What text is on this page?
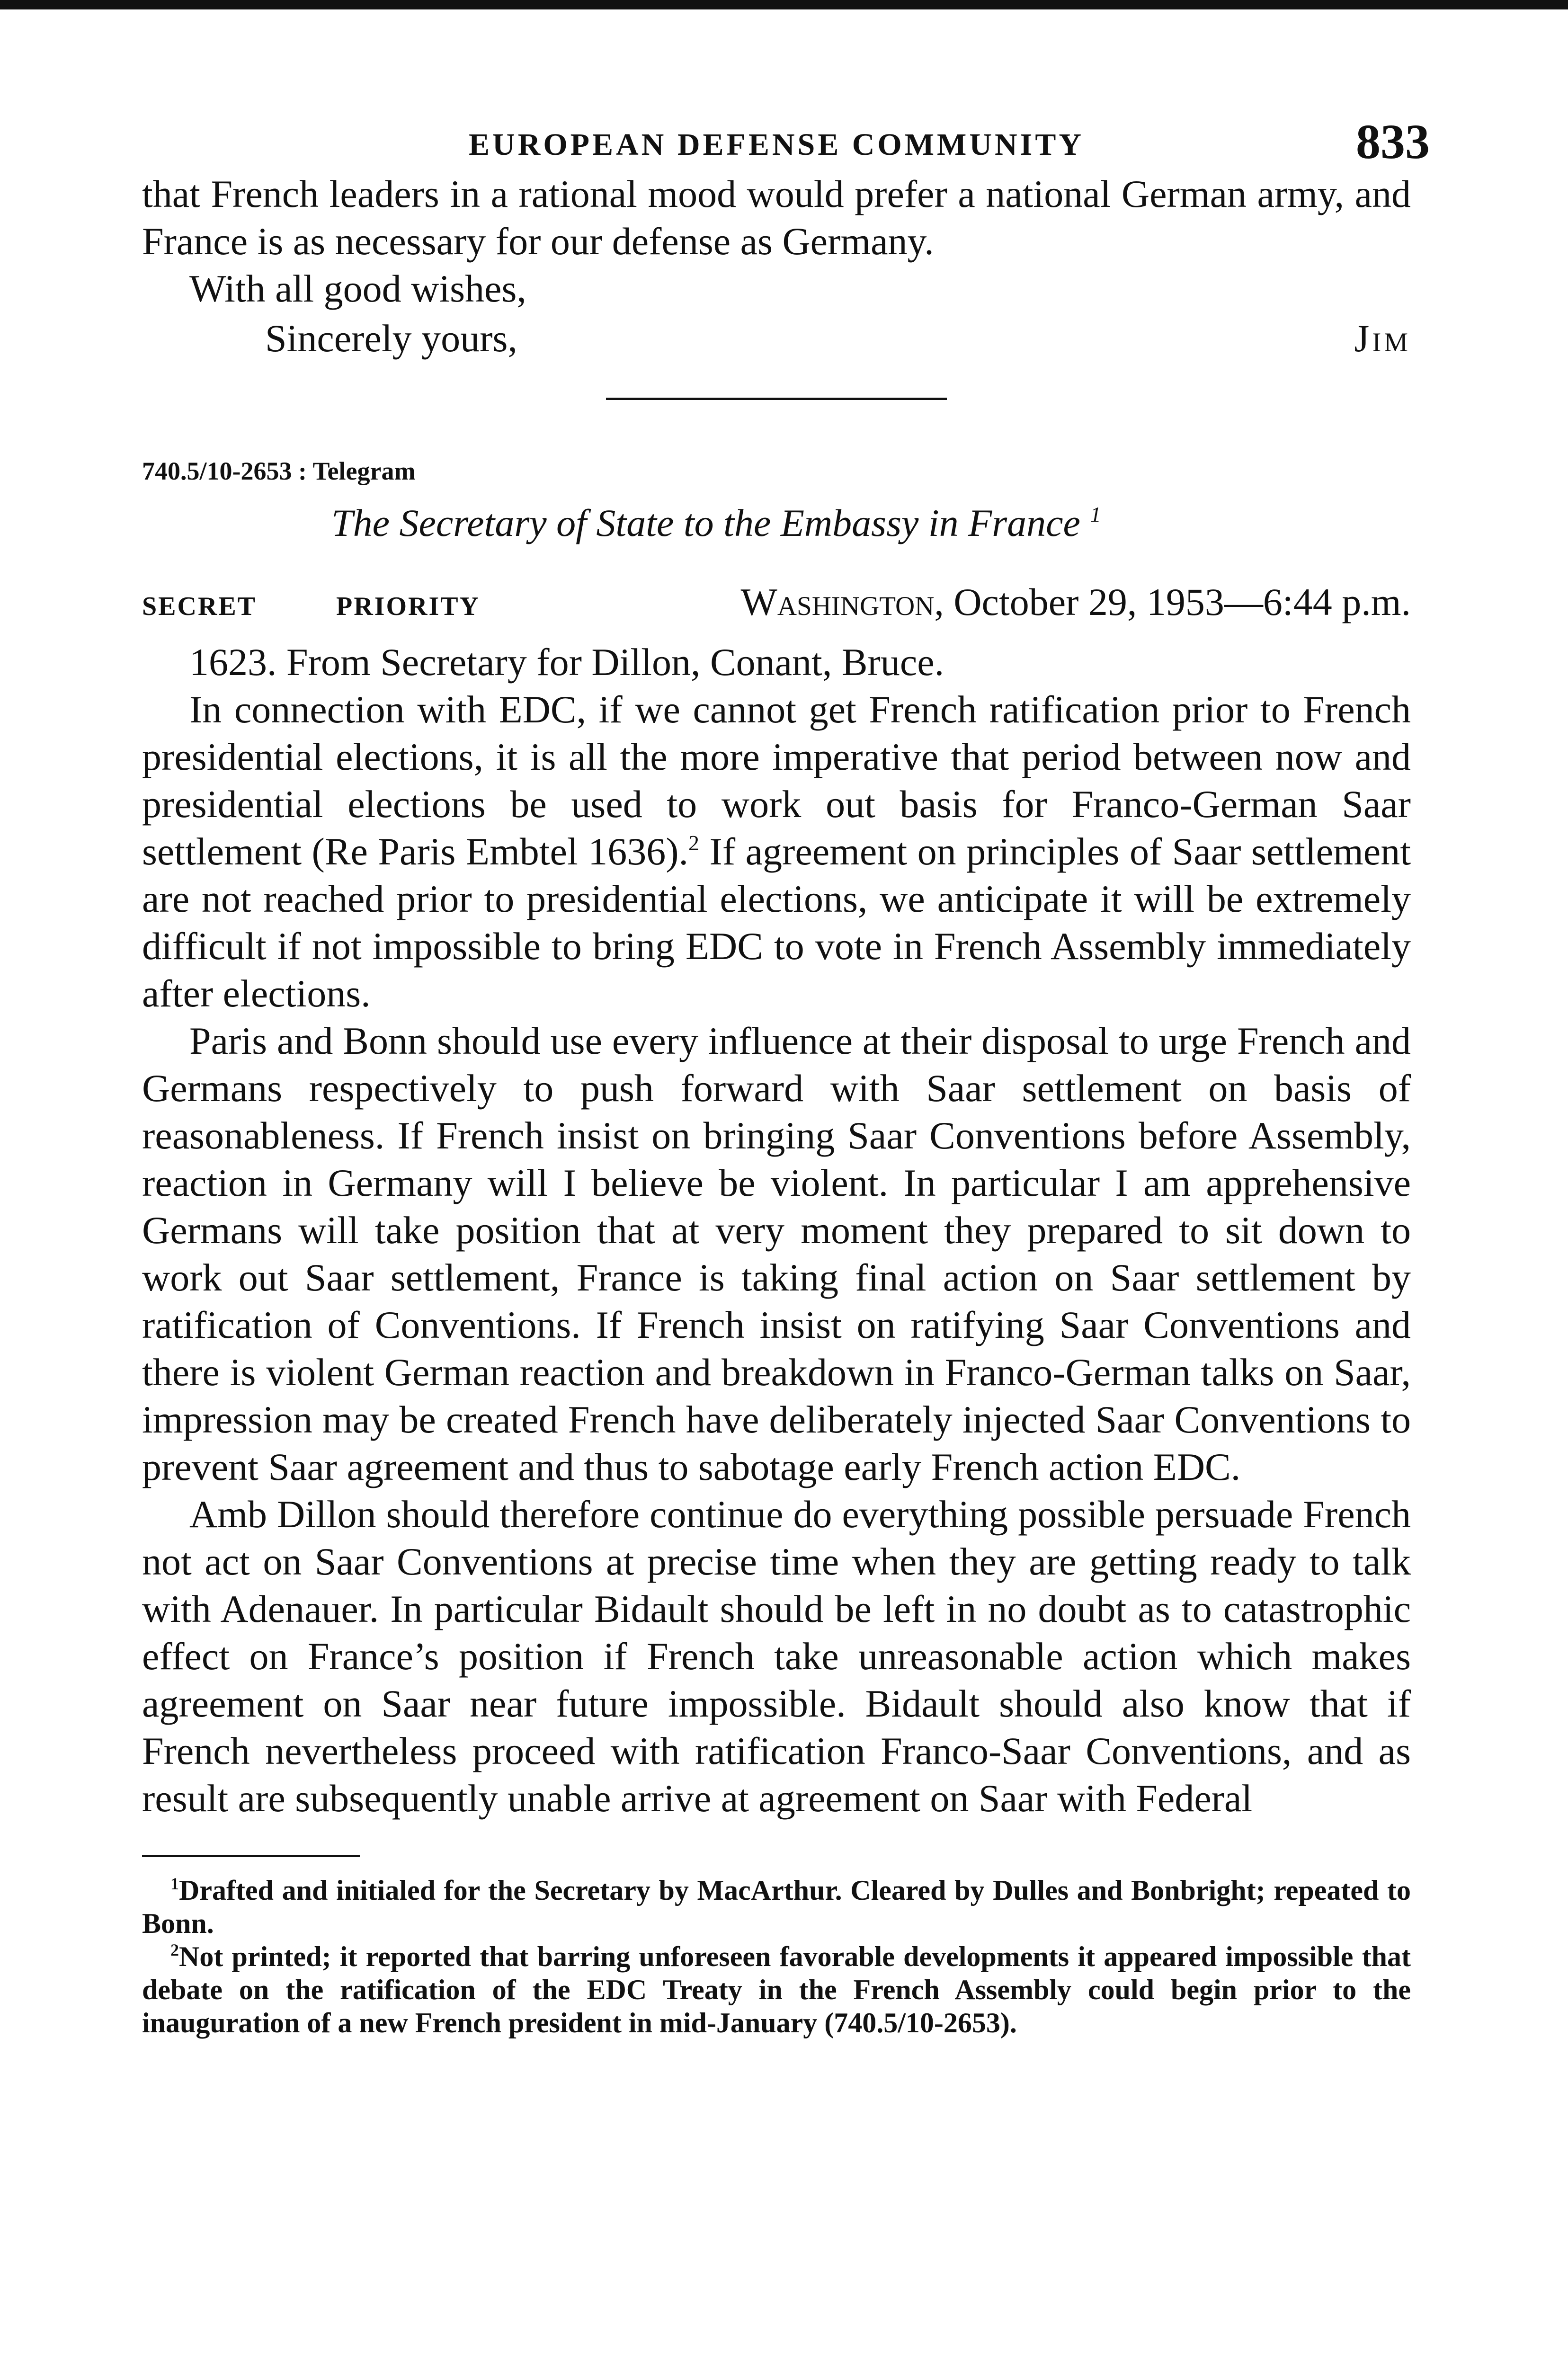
EUROPEAN DEFENSE COMMUNITY	833

that French leaders in a rational mood would prefer a national German army, and France is as necessary for our defense as Germany.

With all good wishes,
Sincerely yours,	Jim
740.5/10-2653 : Telegram
The Secretary of State to the Embassy in France $^1$
SECRET	PRIORITY	Washington, October 29, 1953—6:44 p.m.

1623. From Secretary for Dillon, Conant, Bruce.

In connection with EDC, if we cannot get French ratification prior to French presidential elections, it is all the more imperative that period between now and presidential elections be used to work out basis for Franco-German Saar settlement (Re Paris Embtel 1636).$^2$ If agreement on principles of Saar settlement are not reached prior to presidential elections, we anticipate it will be extremely difficult if not impossible to bring EDC to vote in French Assembly immediately after elections.

Paris and Bonn should use every influence at their disposal to urge French and Germans respectively to push forward with Saar settlement on basis of reasonableness. If French insist on bringing Saar Conventions before Assembly, reaction in Germany will I believe be violent. In particular I am apprehensive Germans will take position that at very moment they prepared to sit down to work out Saar settlement, France is taking final action on Saar settlement by ratification of Conventions. If French insist on ratifying Saar Conventions and there is violent German reaction and breakdown in Franco-German talks on Saar, impression may be created French have deliberately injected Saar Conventions to prevent Saar agreement and thus to sabotage early French action EDC.

Amb Dillon should therefore continue do everything possible persuade French not act on Saar Conventions at precise time when they are getting ready to talk with Adenauer. In particular Bidault should be left in no doubt as to catastrophic effect on France’s position if French take unreasonable action which makes agreement on Saar near future impossible. Bidault should also know that if French nevertheless proceed with ratification Franco-Saar Conventions, and as result are subsequently unable arrive at agreement on Saar with Federal

$^1$Drafted and initialed for the Secretary by MacArthur. Cleared by Dulles and Bonbright; repeated to Bonn.
$^2$Not printed; it reported that barring unforeseen favorable developments it appeared impossible that debate on the ratification of the EDC Treaty in the French Assembly could begin prior to the inauguration of a new French president in mid-January (740.5/10-2653).
